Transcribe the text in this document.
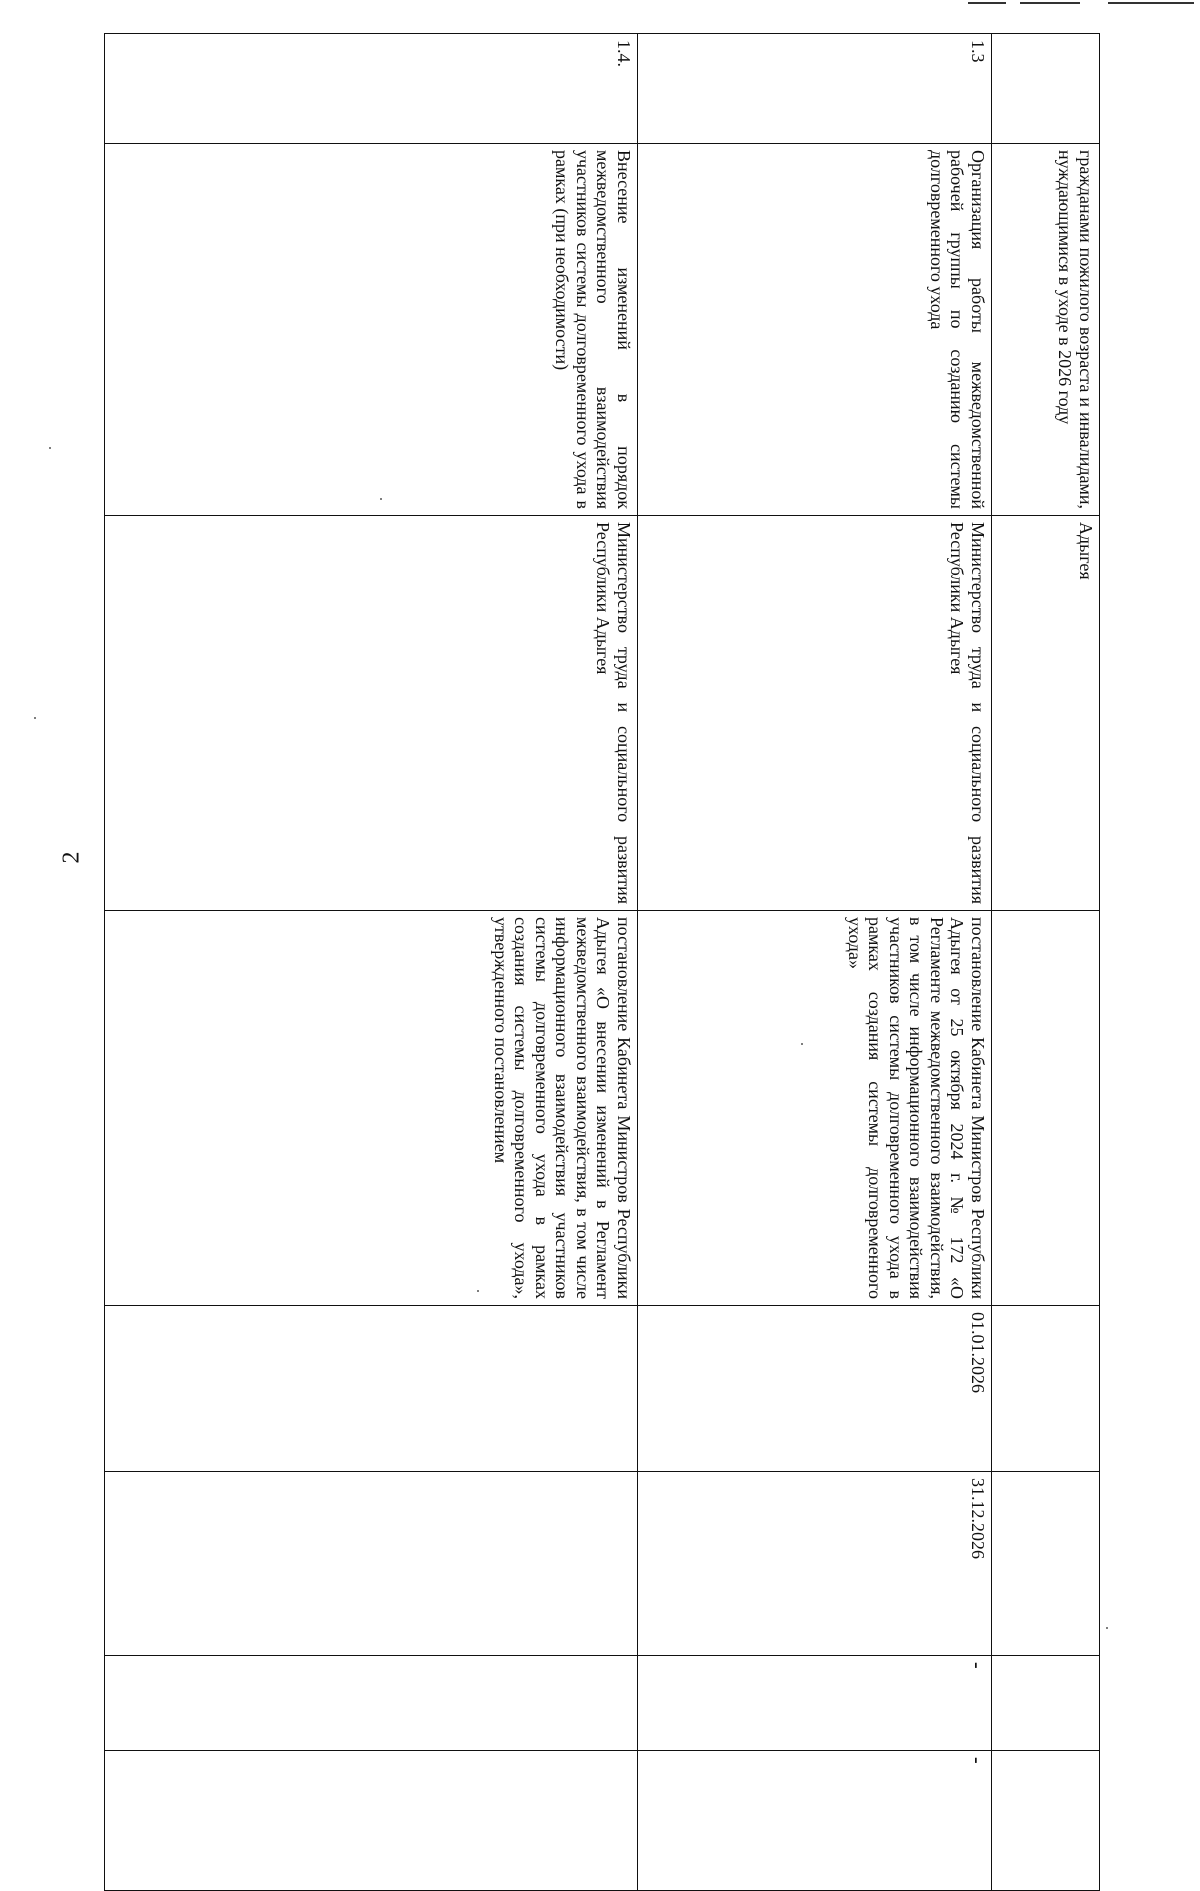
2
	гражданами пожилого возраста и инвалидами, нуждающимися в уходе в 2026 году	Адыгея					
1.3	Организация работы межведомственной рабочей группы по созданию системы долговременного ухода	Министерство труда и социального развития Республики Адыгея	постановление Кабинета Министров Республики Адыгея от 25 октября 2024 г. № 172 «О Регламенте межведомственного взаимодействия, в том числе информационного взаимодействия участников системы долговременного ухода в рамках создания системы долговременного ухода»	01.01.2026	31.12.2026	-	-
1.4.	Внесение изменений в порядок межведомственного взаимодействия участников системы долговременного ухода в рамках (при необходимости)	Министерство труда и социального развития Республики Адыгея	постановление Кабинета Министров Республики Адыгея «О внесении изменений в Регламент межведомственного взаимодействия, в том числе информационного взаимодействия участников системы долговременного ухода в рамках создания системы долговременного ухода», утвержденного постановлением				
